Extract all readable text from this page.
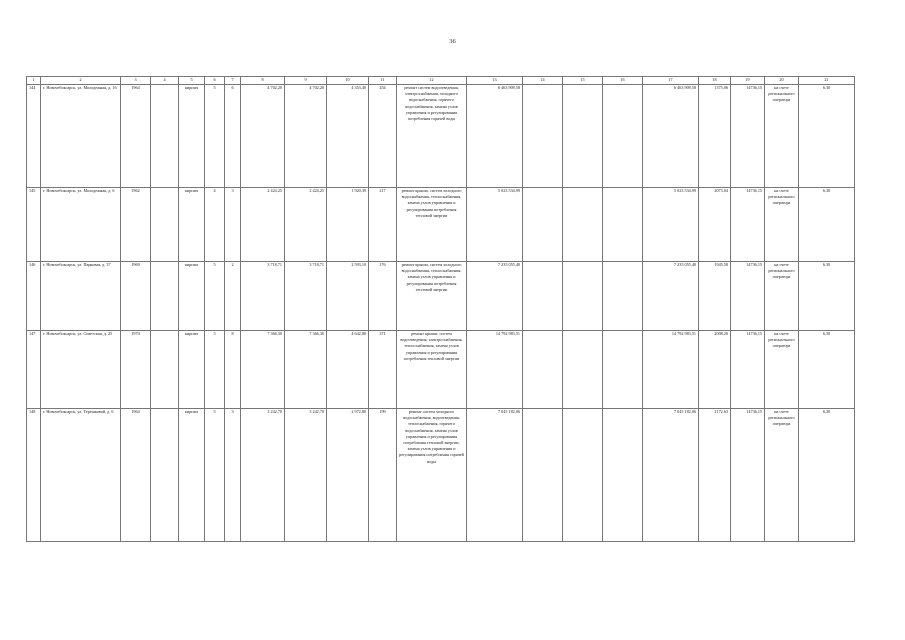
36
1	2	3	4	5	6	7	8	9	10	11	12	13	14	15	16	17	18	19	20	21
144	г. Новочебоксарск, ул. Молодежная, д. 16	1964		кирпич	5	6	4 702,20	4 702,20	4 353,40	254	ремонт систем водоотведения, электроснабжения, холодного водоснабжения, горячего водоснабжения, замена узлов управления и регулирования потребления горячей воды	6 463 909,58				6 463 909,58	1375,06	14736,15	на счете регионального оператора	6,30
145	г. Новочебоксарск, ул. Молодежная, д. 6	1962		кирпич	4	3	2 424,25	2 424,25	1 920,39	217	ремонт крыши, систем холодного водоснабжения, теплоснабжения, замена узлов управления и регулирования потребления тепловой энергии	5 023 534,99				5 023 534,99	2073,04	14736,15	на счете регионального оператора	6,30
146	г. Новочебоксарск, ул. Парковая, д. 37	1969		кирпич	5	2	3 718,71	3 718,71	2 593,10	176	ремонт крыши, систем холодного водоснабжения, теплоснабжения, замена узлов управления и регулирования потребления тепловой энергии	7 235 055,40				7 235 055,40	1945,58	14736,15	на счете регионального оператора	6,30
147	г. Новочебоксарск, ул. Советская, д. 25	1970		кирпич	5	8	7 366,30	7 366,30	4 642,80	371	ремонт крыши, систем водоотведения, электроснабжения, теплоснабжения, замена узлов управления и регулирования потребления тепловой энергии	14 792 983,51				14 792 983,51	2008,20	14736,15	на счете регионального оператора	6,30
148	г. Новочебоксарск, ул. Терешковой, д. 6	1964		кирпич	5	3	3 242,70	3 242,70	2 972,80	199	ремонт систем холодного водоснабжения, водоотведения, теплоснабжения, горячего водоснабжения, замена узлов управления и регулирования потребления тепловой энергии, замена узлов управления и регулирования потребления горячей воды	7 045 182,06				7 045 182,06	2172,63	14736,15	на счете регионального оператора	6,30
